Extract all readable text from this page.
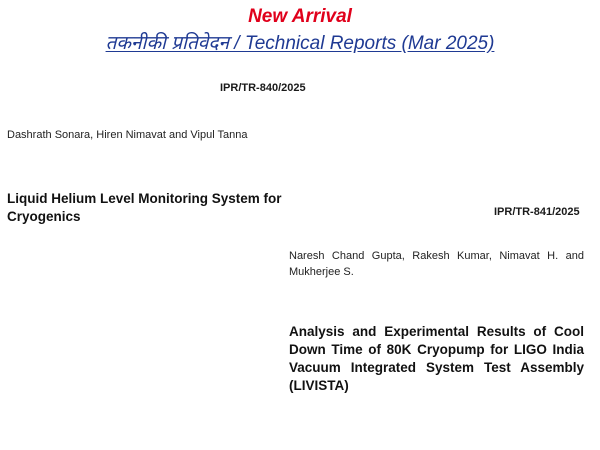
New Arrival
तकनीकी प्रतिवेदन / Technical Reports (Mar 2025)
IPR/TR-840/2025
Dashrath Sonara, Hiren Nimavat and Vipul Tanna
Liquid Helium Level Monitoring System for Cryogenics	IPR/TR-841/2025
Naresh Chand Gupta, Rakesh Kumar, Nimavat H. and Mukherjee S.
Analysis and Experimental Results of Cool Down Time of 80K Cryopump for LIGO India Vacuum Integrated System Test Assembly (LIVISTA)
